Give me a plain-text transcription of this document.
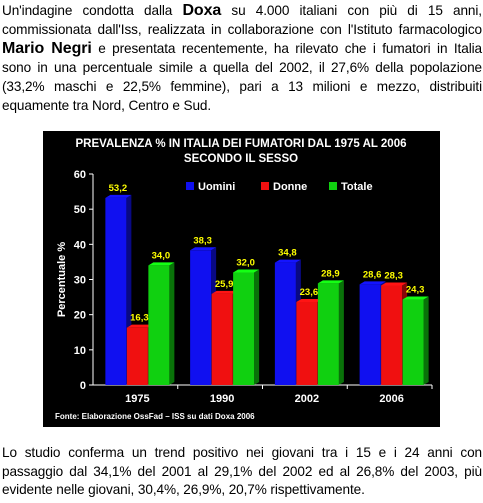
Un'indagine condotta dalla Doxa su 4.000 italiani con più di 15 anni, commissionata dall'Iss, realizzata in collaborazione con l'Istituto farmacologico Mario Negri e presentata recentemente, ha rilevato che i fumatori in Italia sono in una percentuale simile a quella del 2002, il 27,6% della popolazione (33,2% maschi e 22,5% femmine), pari a 13 milioni e mezzo, distribuiti equamente tra Nord, Centro e Sud.

PREVALENZA % IN ITALIA DEI FUMATORI DAL 1975 AL 2006
SECONDO IL SESSO
0
10
20
30
40
50
60
Percentuale %
1975
53,2
16,3
34,0
1990
38,3
25,9
32,0
2002
34,8
23,6
28,9
2006
28,6 28,3
24,3
Uomini	Donne	Totale
Fonte: Elaborazione OssFad – ISS su dati Doxa 2006

Lo studio conferma un trend positivo nei giovani tra i 15 e i 24 anni con passaggio dal 34,1% del 2001 al 29,1% del 2002 ed al 26,8% del 2003, più evidente nelle giovani, 30,4%, 26,9%, 20,7% rispettivamente.
